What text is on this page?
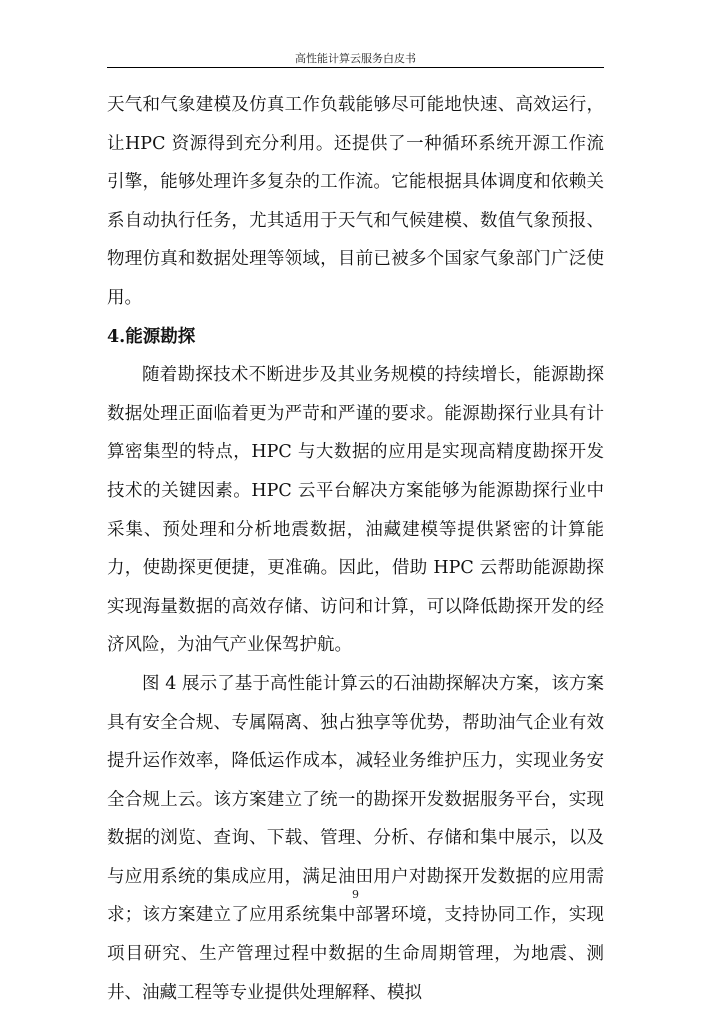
高性能计算云服务白皮书

天气和气象建模及仿真工作负载能够尽可能地快速、高效运行，让HPC 资源得到充分利用。还提供了一种循环系统开源工作流引擎，能够处理许多复杂的工作流。它能根据具体调度和依赖关系自动执行任务，尤其适用于天气和气候建模、数值气象预报、物理仿真和数据处理等领域，目前已被多个国家气象部门广泛使用。

4.能源勘探

随着勘探技术不断进步及其业务规模的持续增长，能源勘探数据处理正面临着更为严苛和严谨的要求。能源勘探行业具有计算密集型的特点，HPC 与大数据的应用是实现高精度勘探开发技术的关键因素。HPC 云平台解决方案能够为能源勘探行业中采集、预处理和分析地震数据，油藏建模等提供紧密的计算能力，使勘探更便捷，更准确。因此，借助 HPC 云帮助能源勘探实现海量数据的高效存储、访问和计算，可以降低勘探开发的经济风险，为油气产业保驾护航。

图 4 展示了基于高性能计算云的石油勘探解决方案，该方案具有安全合规、专属隔离、独占独享等优势，帮助油气企业有效提升运作效率，降低运作成本，减轻业务维护压力，实现业务安全合规上云。该方案建立了统一的勘探开发数据服务平台，实现数据的浏览、查询、下载、管理、分析、存储和集中展示，以及与应用系统的集成应用，满足油田用户对勘探开发数据的应用需求；该方案建立了应用系统集中部署环境，支持协同工作，实现项目研究、生产管理过程中数据的生命周期管理，为地震、测井、油藏工程等专业提供处理解释、模拟

9
